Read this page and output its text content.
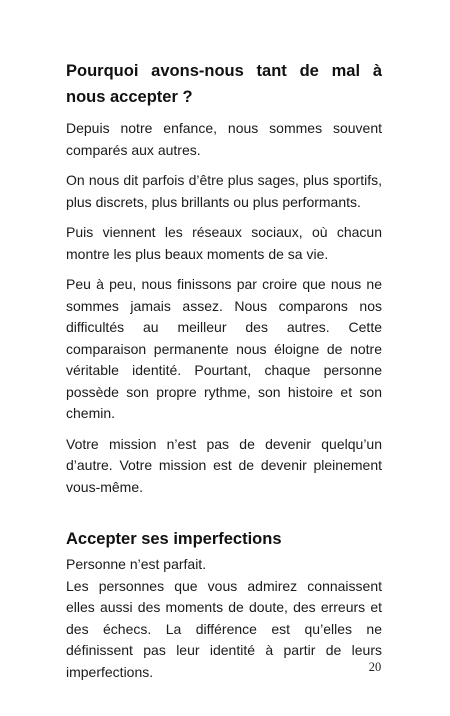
Pourquoi avons-nous tant de mal à nous accepter ?

Depuis notre enfance, nous sommes souvent comparés aux autres.

On nous dit parfois d’être plus sages, plus sportifs, plus discrets, plus brillants ou plus performants.

Puis viennent les réseaux sociaux, où chacun montre les plus beaux moments de sa vie.

Peu à peu, nous finissons par croire que nous ne sommes jamais assez. Nous comparons nos difficultés au meilleur des autres. Cette comparaison permanente nous éloigne de notre véritable identité. Pourtant, chaque personne possède son propre rythme, son histoire et son chemin.

Votre mission n’est pas de devenir quelqu’un d’autre. Votre mission est de devenir pleinement vous-même.

Accepter ses imperfections

Personne n’est parfait.

Les personnes que vous admirez connaissent elles aussi des moments de doute, des erreurs et des échecs. La différence est qu’elles ne définissent pas leur identité à partir de leurs imperfections.	20
